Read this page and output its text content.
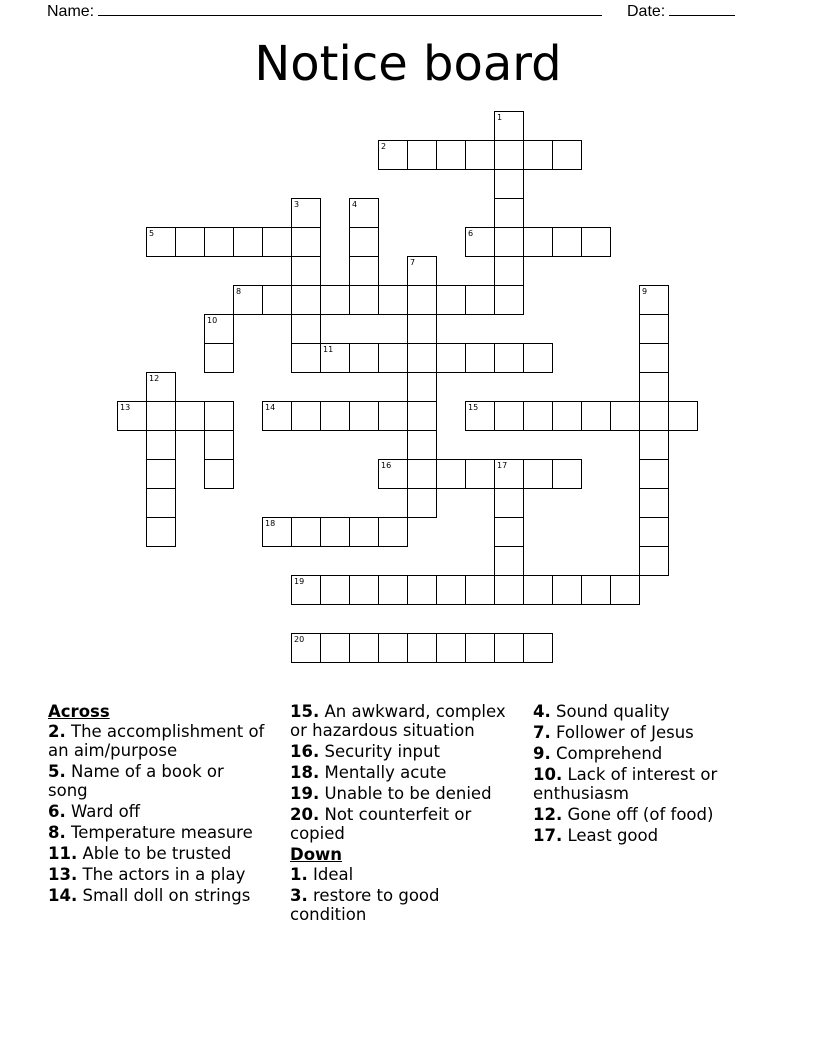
Name:	Date:
Notice board
1
2
3	4
5	6
7
8	9
10
11
12
13	14	15
16	17
18
19
20
Across
2. The accomplishment of an aim/purpose
5. Name of a book or song
6. Ward off
8. Temperature measure
11. Able to be trusted
13. The actors in a play
14. Small doll on strings
15. An awkward, complex or hazardous situation
16. Security input
18. Mentally acute
19. Unable to be denied
20. Not counterfeit or copied
Down
1. Ideal
3. restore to good condition
4. Sound quality
7. Follower of Jesus
9. Comprehend
10. Lack of interest or enthusiasm
12. Gone off (of food)
17. Least good
